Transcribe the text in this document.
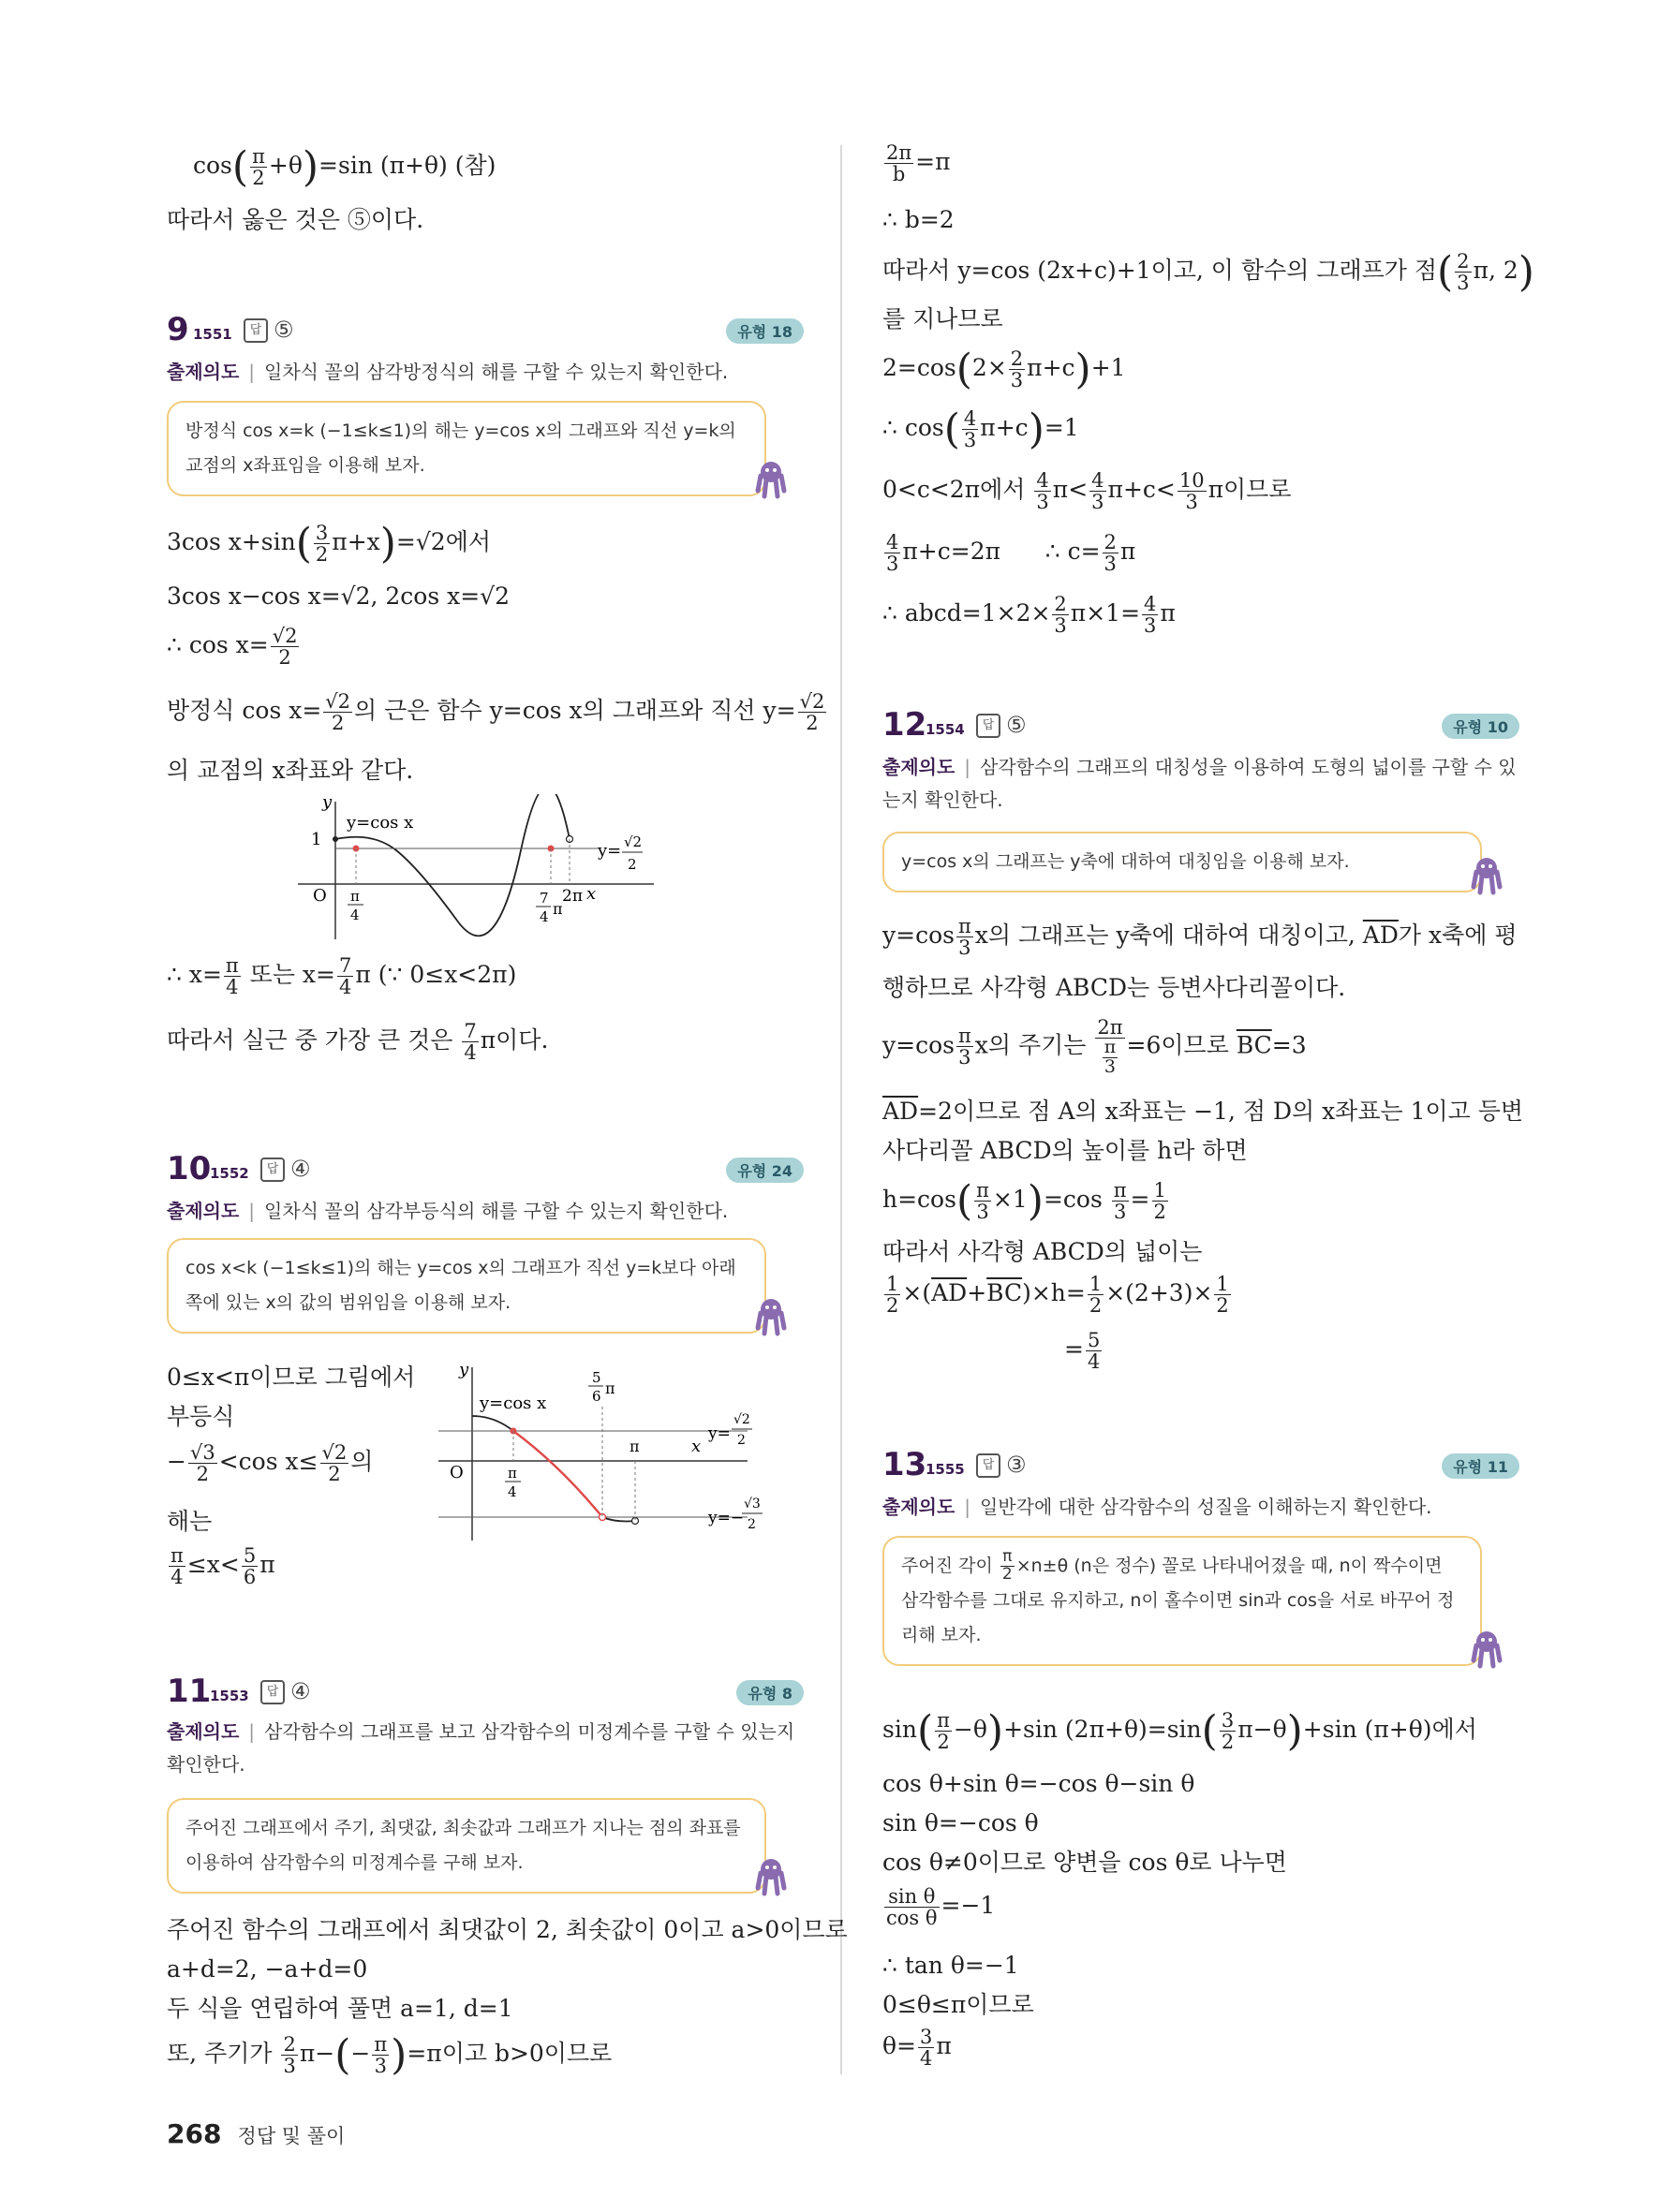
$\cos( \frac{\pi}{2} +\theta)=\sin$ (π+θ) (참)
따라서 옳은 것은 ⑤이다.
9 1551	답 ⑤	유형 18
출제의도 | 일차식 꼴의 삼각방정식의 해를 구할 수 있는지 확인한다.
방정식 cos x=k (−1≤k≤1)의 해는 y=cos x의 그래프와 직선 y=k의 교점의 x좌표임을 이용해 보자.
3cos $x+\sin( \frac{3}{2} \pi+x)=√2$에서
3cos x−cos x=√2, 2cos x=√2
∴ $\cos x= \frac{√2}{2}$
방정식 $\cos x= \frac{√2}{2}$ 의 근은 함수 y=cos x의 그래프와 직선 $y= \frac{√2}{2}$
의 교점의 x좌표와 같다.
y
1
O
y=cos x
y= √2
2
π
4
7
4 π
2π x
∴ $x= \frac{\pi}{4}$ 또는 $x= \frac{7}{4}$ π (∵ 0≤x<2π)
따라서 실근 중 가장 큰 것은 $\frac{7}{4}$ π이다.
10
1552	답 ④	유형 24
출제의도 | 일차식 꼴의 삼각부등식의 해를 구할 수 있는지 확인한다.
cos x<k (−1≤k≤1)의 해는 y=cos x의 그래프가 직선 y=k보다 아래쪽에 있는 x의 값의 범위임을 이용해 보자.
0≤x<π이므로 그림에서
부등식
− $\frac{√3}{2} <\cos$ $x\le \frac{√2}{2}$ 의
해는
$\frac{\pi}{4} \le x< \frac{5}{6}$ π
y
O
y=cos x
5
6 π
π	x
π
4
y=
√2
2
y=−
√3
2
11
1553	답 ④	유형 8
출제의도 | 삼각함수의 그래프를 보고 삼각함수의 미정계수를 구할 수 있는지 확인한다.
주어진 그래프에서 주기, 최댓값, 최솟값과 그래프가 지나는 점의 좌표를 이용하여 삼각함수의 미정계수를 구해 보자.
주어진 함수의 그래프에서 최댓값이 2, 최솟값이 0이고 a>0이므로
a+d=2, −a+d=0
두 식을 연립하여 풀면 a=1, d=1
또, 주기가 $\frac{2}{3} \pi-(- \frac{\pi}{3} )=\pi$이고 b>0이므로
$\frac{2\pi}{b} =\pi$
∴ b=2
따라서 y=cos (2x+c)+1이고, 이 함수의 그래프가 점( $\frac{2}{3} \pi$, 2)
를 지나므로
$2=\cos(2\times \frac{2}{3} \pi+c)+1$
∴ $\cos( \frac{4}{3} \pi+c)=1$
0<c<2π에서 $\frac{4}{3} \pi< \frac{4}{3} \pi+c< \frac{10}{3}$ π이므로
$\frac{4}{3} \pi+c=2\pi$      ∴ $c= \frac{2}{3}$ π
∴ abcd=1×2× $\frac{2}{3} \pi\times 1= \frac{4}{3}$ π
12
1554	답 ⑤	유형 10
출제의도 | 삼각함수의 그래프의 대칭성을 이용하여 도형의 넓이를 구할 수 있는지 확인한다.
y=cos x의 그래프는 y축에 대하여 대칭임을 이용해 보자.
$y=\cos \frac{\pi}{3}$ x의 그래프는 y축에 대하여 대칭이고, $\overline{AD}$가 x축에 평
행하므로 사각형 ABCD는 등변사다리꼴이다.
$y=\cos \frac{\pi}{3}$ x의 주기는 $\frac{2\pi}{\frac{\pi}{3}} =6$이므로 $\overline{BC}=3$
$\overline{AD}=2$이므로 점 A의 x좌표는 −1, 점 D의 x좌표는 1이고 등변
사다리꼴 ABCD의 높이를 h라 하면
$h=\cos( \frac{\pi}{3} \times 1)=\cos \frac{\pi}{3} = \frac{1}{2}$
따라서 사각형 ABCD의 넓이는
$\frac{1}{2} \times(\overline{AD}+\overline{BC})\times h= \frac{1}{2} \times(2+3)\times \frac{1}{2}$
= $\frac{5}{4}$
13
1555	답 ③	유형 11
출제의도 | 일반각에 대한 삼각함수의 성질을 이해하는지 확인한다.
주어진 각이 $\frac{\pi}{2} \times n\pm\theta$ (n은 정수) 꼴로 나타내어졌을 때, n이 짝수이면 삼각함수를 그대로 유지하고, n이 홀수이면 sin과 cos을 서로 바꾸어 정리해 보자.
$\sin( \frac{\pi}{2} -\theta)+\sin$ $(2\pi+\theta)=\sin( \frac{3}{2} \pi-\theta)+\sin$ (π+θ)에서
cos θ+sin θ=−cos θ−sin θ
sin θ=−cos θ
cos θ≠0이므로 양변을 cos θ로 나누면
$\frac{\text{sin θ}}{\text{cos θ}} =-1$
∴ tan θ=−1
0≤θ≤π이므로
$\theta= \frac{3}{4}$ π
268 정답 및 풀이
